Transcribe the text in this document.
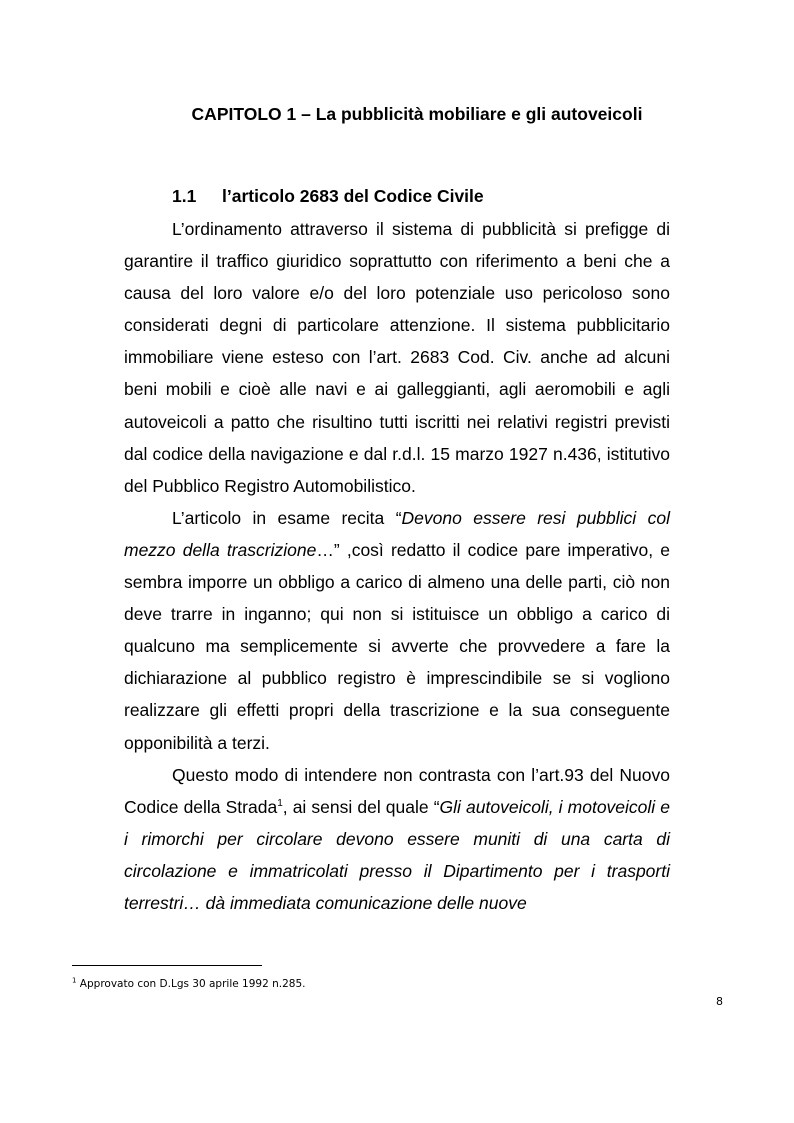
CAPITOLO 1 – La pubblicità mobiliare e gli autoveicoli
1.1 l’articolo 2683 del Codice Civile

L’ordinamento attraverso il sistema di pubblicità si prefigge di garantire il traffico giuridico soprattutto con riferimento a beni che a causa del loro valore e/o del loro potenziale uso pericoloso sono considerati degni di particolare attenzione. Il sistema pubblicitario immobiliare viene esteso con l’art. 2683 Cod. Civ. anche ad alcuni beni mobili e cioè alle navi e ai galleggianti, agli aeromobili e agli autoveicoli a patto che risultino tutti iscritti nei relativi registri previsti dal codice della navigazione e dal r.d.l. 15 marzo 1927 n.436, istitutivo del Pubblico Registro Automobilistico.

L’articolo in esame recita “Devono essere resi pubblici col mezzo della trascrizione…” ,così redatto il codice pare imperativo, e sembra imporre un obbligo a carico di almeno una delle parti, ciò non deve trarre in inganno; qui non si istituisce un obbligo a carico di qualcuno ma semplicemente si avverte che provvedere a fare la dichiarazione al pubblico registro è imprescindibile se si vogliono realizzare gli effetti propri della trascrizione e la sua conseguente opponibilità a terzi.

Questo modo di intendere non contrasta con l’art.93 del Nuovo Codice della Strada$^1$, ai sensi del quale “Gli autoveicoli, i motoveicoli e i rimorchi per circolare devono essere muniti di una carta di circolazione e immatricolati presso il Dipartimento per i trasporti terrestri… dà immediata comunicazione delle nuove

$^1$ Approvato con D.Lgs 30 aprile 1992 n.285.
8
